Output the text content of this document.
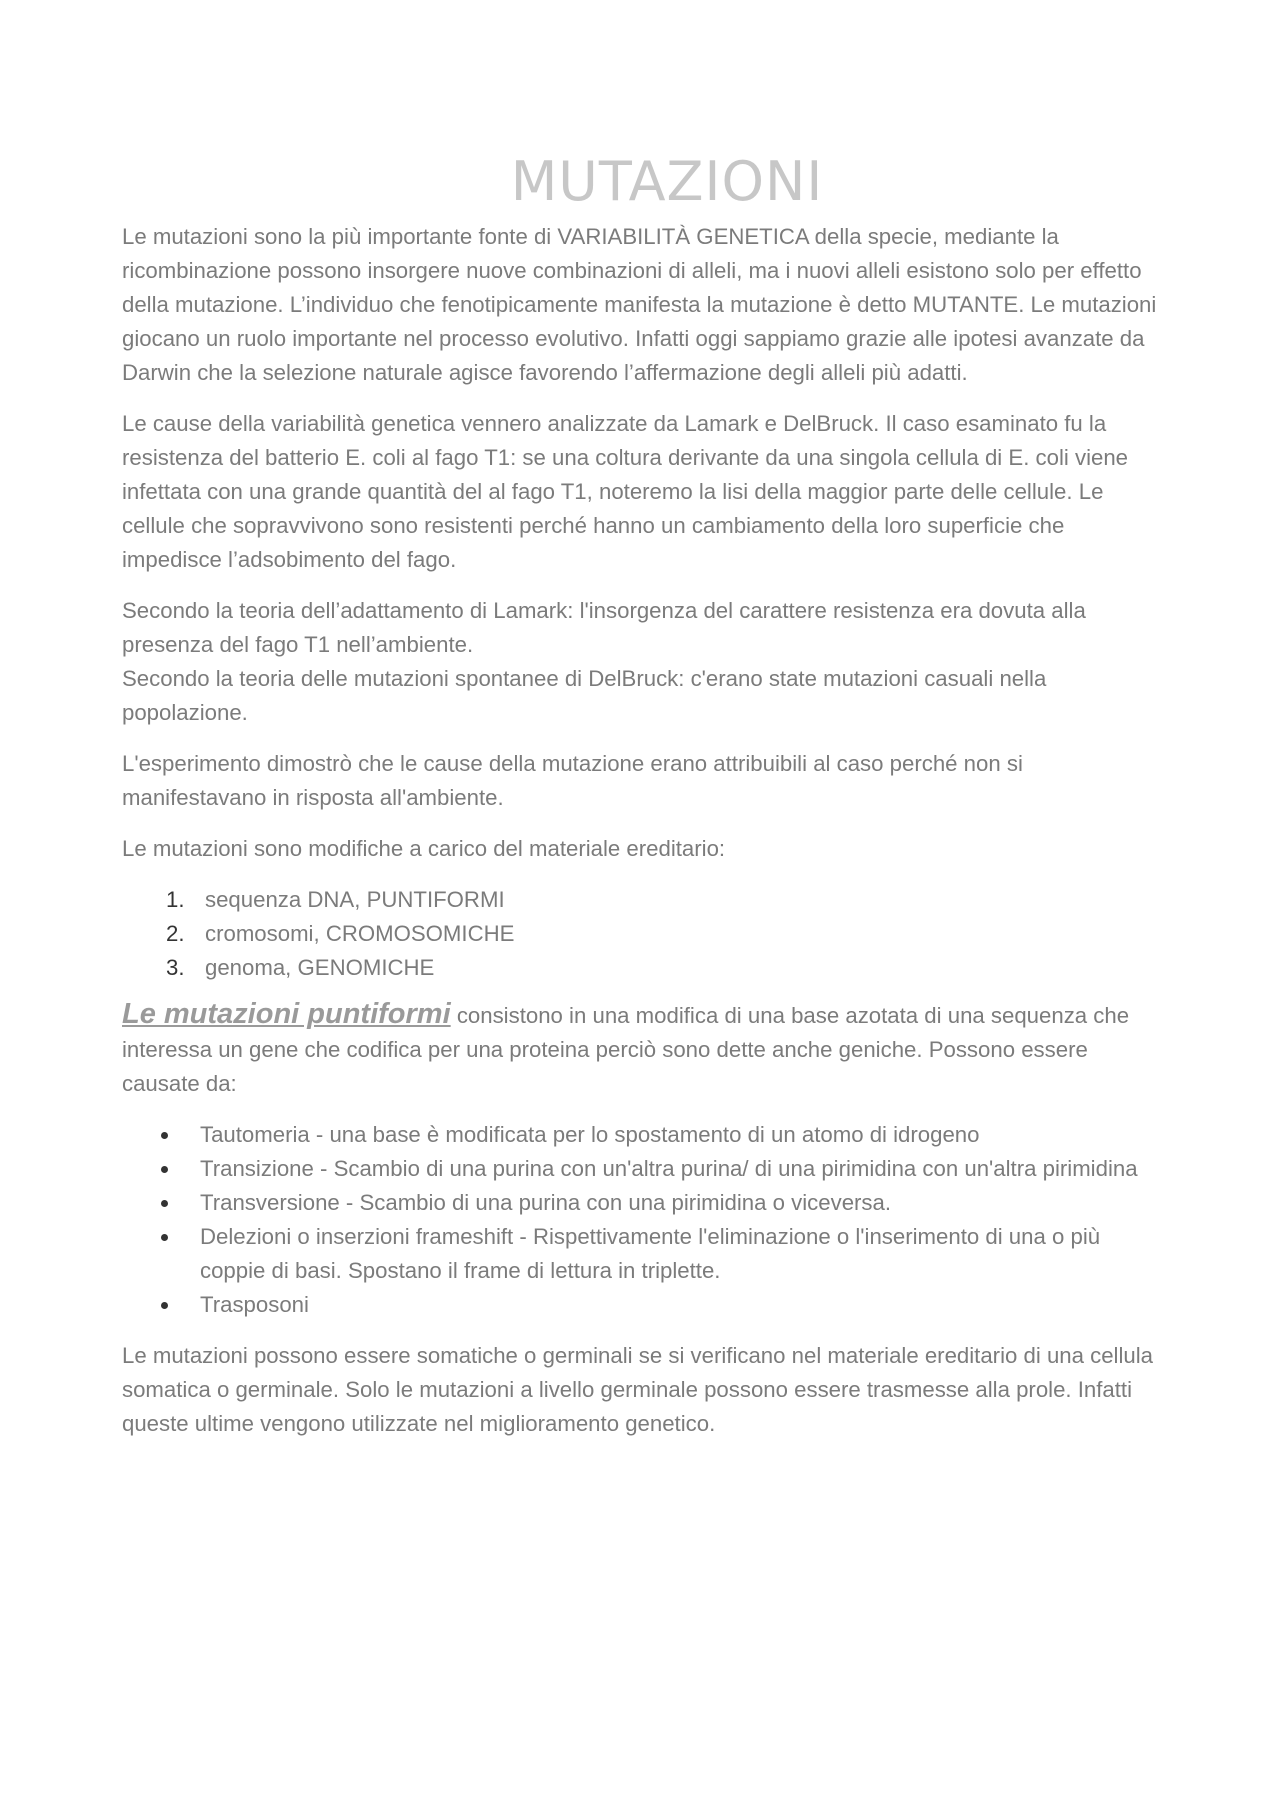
MUTAZIONI

Le mutazioni sono la più importante fonte di VARIABILITÀ GENETICA della specie, mediante la ricombinazione possono insorgere nuove combinazioni di alleli, ma i nuovi alleli esistono solo per effetto della mutazione. L’individuo che fenotipicamente manifesta la mutazione è detto MUTANTE. Le mutazioni giocano un ruolo importante nel processo evolutivo. Infatti oggi sappiamo grazie alle ipotesi avanzate da Darwin che la selezione naturale agisce favorendo l’affermazione degli alleli più adatti.

Le cause della variabilità genetica vennero analizzate da Lamark e DelBruck. Il caso esaminato fu la resistenza del batterio E. coli al fago T1: se una coltura derivante da una singola cellula di E. coli viene infettata con una grande quantità del al fago T1, noteremo la lisi della maggior parte delle cellule. Le cellule che sopravvivono sono resistenti perché hanno un cambiamento della loro superficie che impedisce l’adsobimento del fago.

Secondo la teoria dell’adattamento di Lamark: l'insorgenza del carattere resistenza era dovuta alla presenza del fago T1 nell’ambiente.
Secondo la teoria delle mutazioni spontanee di DelBruck: c'erano state mutazioni casuali nella popolazione.

L'esperimento dimostrò che le cause della mutazione erano attribuibili al caso perché non si manifestavano in risposta all'ambiente.

Le mutazioni sono modifiche a carico del materiale ereditario:

1. sequenza DNA, PUNTIFORMI
2. cromosomi, CROMOSOMICHE
3. genoma, GENOMICHE

Le mutazioni puntiformi consistono in una modifica di una base azotata di una sequenza che interessa un gene che codifica per una proteina perciò sono dette anche geniche. Possono essere causate da:

Tautomeria - una base è modificata per lo spostamento di un atomo di idrogeno
Transizione - Scambio di una purina con un'altra purina/ di una pirimidina con un'altra pirimidina
Transversione - Scambio di una purina con una pirimidina o viceversa.
Delezioni o inserzioni frameshift - Rispettivamente l'eliminazione o l'inserimento di una o più coppie di basi. Spostano il frame di lettura in triplette.
Trasposoni

Le mutazioni possono essere somatiche o germinali se si verificano nel materiale ereditario di una cellula somatica o germinale. Solo le mutazioni a livello germinale possono essere trasmesse alla prole. Infatti queste ultime vengono utilizzate nel miglioramento genetico.
